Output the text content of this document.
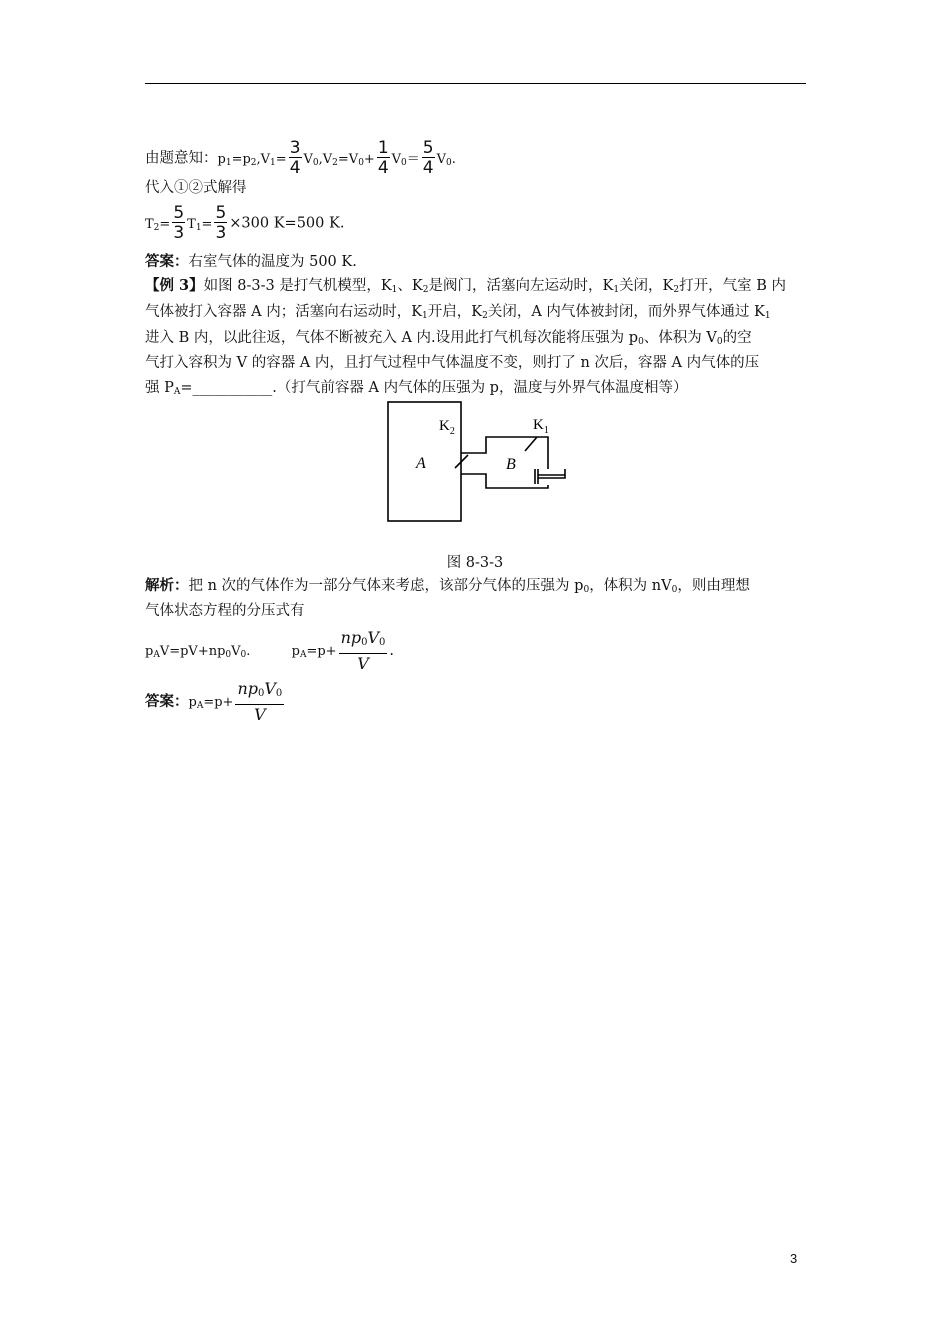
由题意知：$p_1=p_2,V_1= \frac{3}{4} V_0,V_2=V_0+ \frac{1}{4} V_0= \frac{5}{4} V_0$.
代入①②式解得
$T_2= \frac{5}{3} T_1= \frac{5}{3} \times 300$ K=500 K.
答案：右室气体的温度为 500 K.
【例 3】如图 8-3-3 是打气机模型，$K_1$、$K_2$是阀门，活塞向左运动时，$K_1$关闭，$K_2$打开，气室 B 内
气体被打入容器 A 内；活塞向右运动时，$K_1$开启，$K_2$关闭，A 内气体被封闭，而外界气体通过 $K_1$
进入 B 内，以此往返，气体不断被充入 A 内.设用此打气机每次能将压强为 $p_0$、体积为 $V_0$的空
气打入容积为 V 的容器 A 内，且打气过程中气体温度不变，则打了 n 次后，容器 A 内气体的压
强 $P_A=\_\_\_\_\_\_\_\_\_\_\_$.（打气前容器 A 内气体的压强为 p，温度与外界气体温度相等）
$K_2$	$K_1$
A	B
图 8-3-3
解析：把 n 次的气体作为一部分气体来考虑，该部分气体的压强为 $p_0$，体积为 $nV_0$，则由理想
气体状态方程的分压式有
$p_AV=pV+np_0V_0$.	$p_A=p+ \frac{np_0V_0}{V}$ .
答案：$p_A=p+ \frac{np_0V_0}{V}$
3
